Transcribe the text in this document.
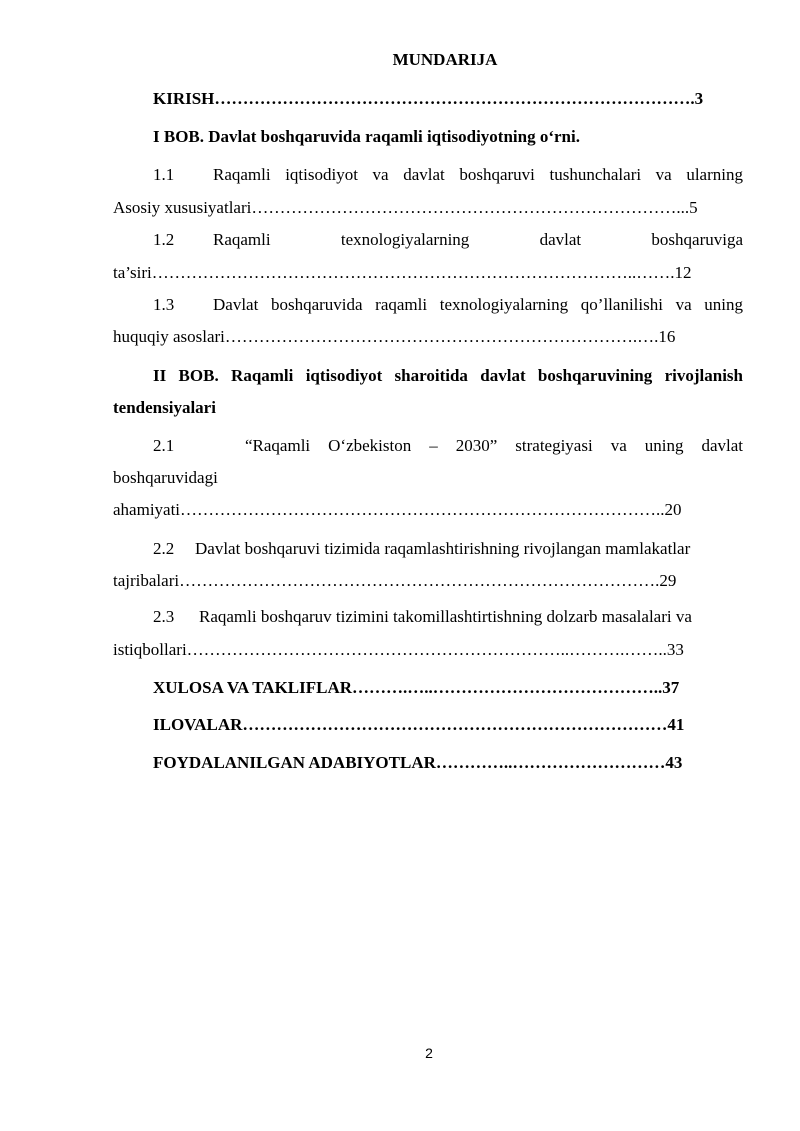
MUNDARIJA
KIRISH………………………………………………………………………….3
I BOB. Davlat boshqaruvida raqamli iqtisodiyotning o‘rni.
1.1 Raqamli iqtisodiyot va davlat boshqaruvi tushunchalari va ularning
Asosiy xususiyatlari…………………………………………………………………...5
1.2 Raqamli texnologiyalarning davlat boshqaruviga
ta’siri…………………………………………………………………………..…….12
1.3 Davlat boshqaruvida raqamli texnologiyalarning qo’llanilishi va uning
huquqiy asoslari……………………………………………………………….….16
II BOB. Raqamli iqtisodiyot sharoitida davlat boshqaruvining rivojlanish
tendensiyalari
2.1	“Raqamli O‘zbekiston – 2030” strategiyasi va uning davlat
boshqaruvidagi
ahamiyati…………………………………………………………………………..20
2.2 Davlat boshqaruvi tizimida raqamlashtirishning rivojlangan mamlakatlar
tajribalari………………………………………………………………………….29
2.3 Raqamli boshqaruv tizimini takomillashtirtishning dolzarb masalalari va
istiqbollari…………………………………………………………..……….……..33
XULOSA VA TAKLIFLAR……….…..…………………………………..37
ILOVALAR…………………………………………………………………41
FOYDALANILGAN ADABIYOTLAR…………..………………………43
2
